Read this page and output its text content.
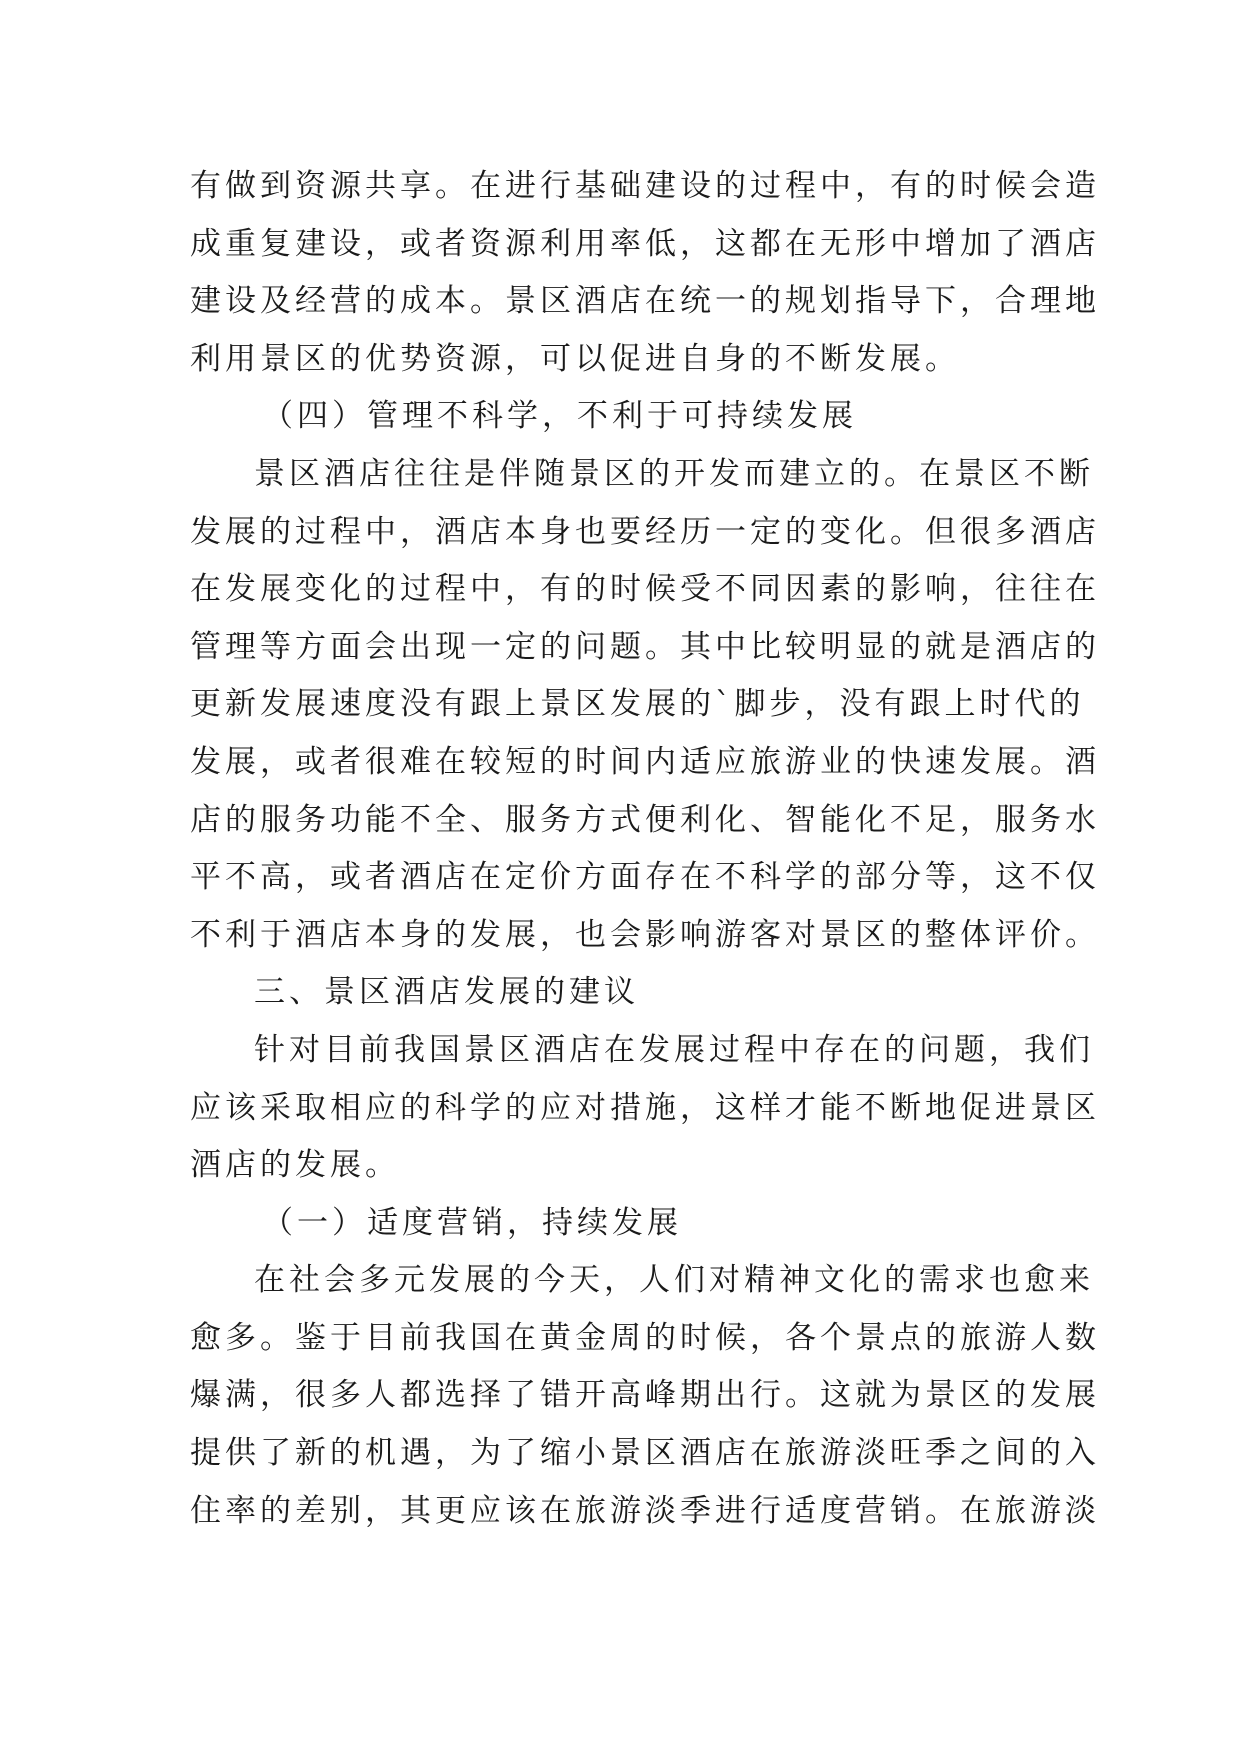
有做到资源共享。在进行基础建设的过程中，有的时候会造
成重复建设，或者资源利用率低，这都在无形中增加了酒店
建设及经营的成本。景区酒店在统一的规划指导下，合理地
利用景区的优势资源，可以促进自身的不断发展。
（四）管理不科学，不利于可持续发展
景区酒店往往是伴随景区的开发而建立的。在景区不断
发展的过程中，酒店本身也要经历一定的变化。但很多酒店
在发展变化的过程中，有的时候受不同因素的影响，往往在
管理等方面会出现一定的问题。其中比较明显的就是酒店的
更新发展速度没有跟上景区发展的`脚步，没有跟上时代的
发展，或者很难在较短的时间内适应旅游业的快速发展。酒
店的服务功能不全、服务方式便利化、智能化不足，服务水
平不高，或者酒店在定价方面存在不科学的部分等，这不仅
不利于酒店本身的发展，也会影响游客对景区的整体评价。
三、景区酒店发展的建议
针对目前我国景区酒店在发展过程中存在的问题，我们
应该采取相应的科学的应对措施，这样才能不断地促进景区
酒店的发展。
（一）适度营销，持续发展
在社会多元发展的今天，人们对精神文化的需求也愈来
愈多。鉴于目前我国在黄金周的时候，各个景点的旅游人数
爆满，很多人都选择了错开高峰期出行。这就为景区的发展
提供了新的机遇，为了缩小景区酒店在旅游淡旺季之间的入
住率的差别，其更应该在旅游淡季进行适度营销。在旅游淡
